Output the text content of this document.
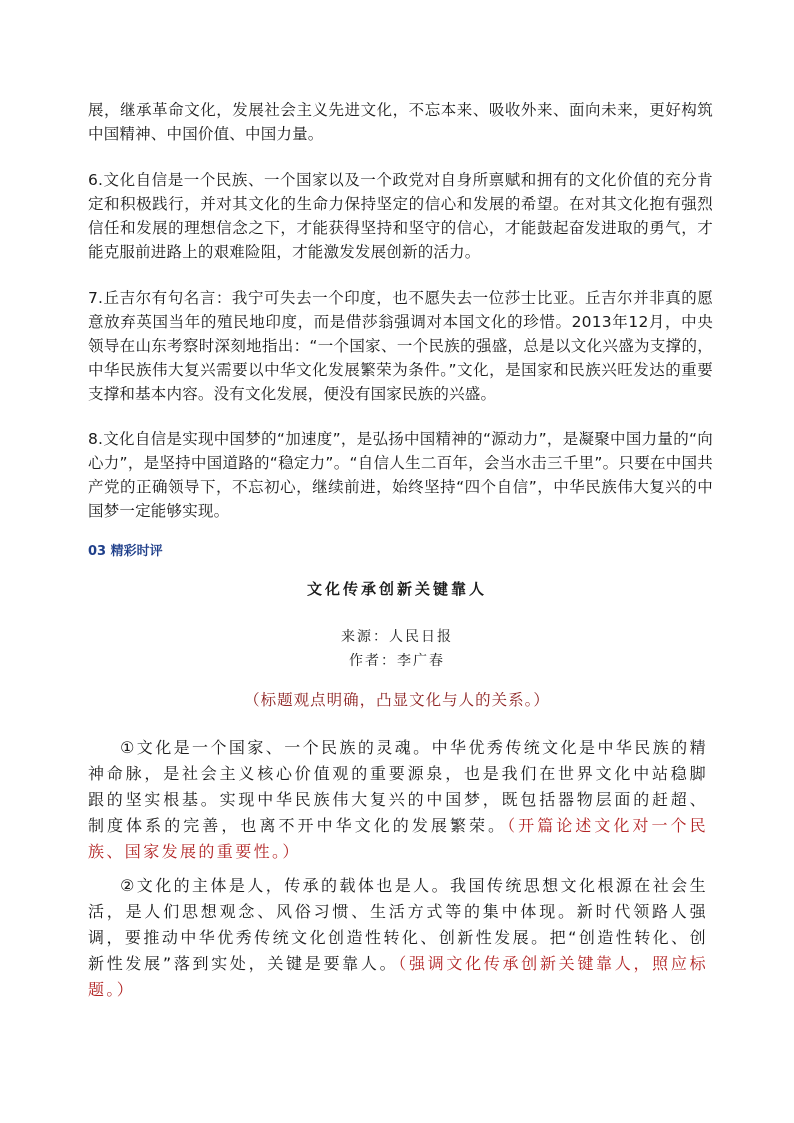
展，继承革命文化，发展社会主义先进文化，不忘本来、吸收外来、面向未来，更好构筑中国精神、中国价值、中国力量。

6.文化自信是一个民族、一个国家以及一个政党对自身所禀赋和拥有的文化价值的充分肯定和积极践行，并对其文化的生命力保持坚定的信心和发展的希望。在对其文化抱有强烈信任和发展的理想信念之下，才能获得坚持和坚守的信心，才能鼓起奋发进取的勇气，才能克服前进路上的艰难险阻，才能激发发展创新的活力。

7.丘吉尔有句名言：我宁可失去一个印度，也不愿失去一位莎士比亚。丘吉尔并非真的愿意放弃英国当年的殖民地印度，而是借莎翁强调对本国文化的珍惜。2013年12月，中央领导在山东考察时深刻地指出：“一个国家、一个民族的强盛，总是以文化兴盛为支撑的，中华民族伟大复兴需要以中华文化发展繁荣为条件。”文化，是国家和民族兴旺发达的重要支撑和基本内容。没有文化发展，便没有国家民族的兴盛。

8.文化自信是实现中国梦的“加速度”，是弘扬中国精神的“源动力”，是凝聚中国力量的“向心力”，是坚持中国道路的“稳定力”。“自信人生二百年，会当水击三千里”。只要在中国共产党的正确领导下，不忘初心，继续前进，始终坚持“四个自信”，中华民族伟大复兴的中国梦一定能够实现。

03 精彩时评

文化传承创新关键靠人

来源：人民日报

作者：李广春

（标题观点明确，凸显文化与人的关系。）

①文化是一个国家、一个民族的灵魂。中华优秀传统文化是中华民族的精神命脉，是社会主义核心价值观的重要源泉，也是我们在世界文化中站稳脚跟的坚实根基。实现中华民族伟大复兴的中国梦，既包括器物层面的赶超、制度体系的完善，也离不开中华文化的发展繁荣。（开篇论述文化对一个民族、国家发展的重要性。）

②文化的主体是人，传承的载体也是人。我国传统思想文化根源在社会生活，是人们思想观念、风俗习惯、生活方式等的集中体现。新时代领路人强调，要推动中华优秀传统文化创造性转化、创新性发展。把“创造性转化、创新性发展”落到实处，关键是要靠人。（强调文化传承创新关键靠人，照应标题。）
